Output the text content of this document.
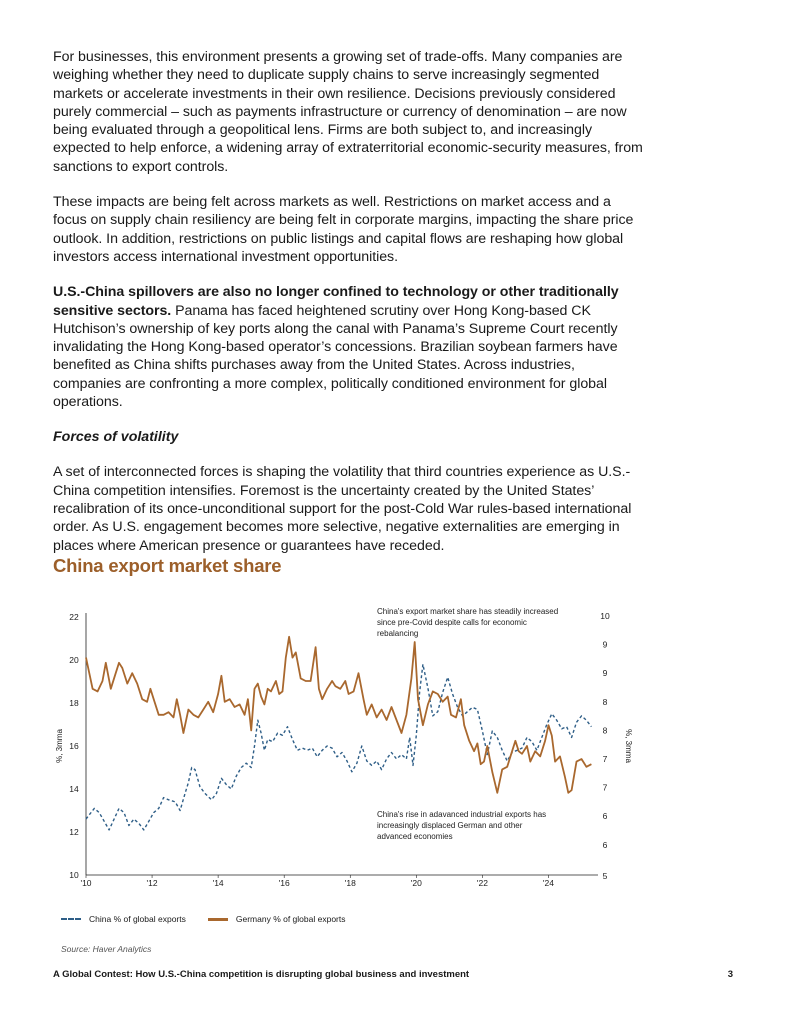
For businesses, this environment presents a growing set of trade-offs. Many companies are weighing whether they need to duplicate supply chains to serve increasingly segmented markets or accelerate investments in their own resilience. Decisions previously considered purely commercial – such as payments infrastructure or currency of denomination – are now being evaluated through a geopolitical lens. Firms are both subject to, and increasingly expected to help enforce, a widening array of extraterritorial economic-security measures, from sanctions to export controls.

These impacts are being felt across markets as well. Restrictions on market access and a focus on supply chain resiliency are being felt in corporate margins, impacting the share price outlook. In addition, restrictions on public listings and capital flows are reshaping how global investors access international investment opportunities.

U.S.-China spillovers are also no longer confined to technology or other traditionally sensitive sectors. Panama has faced heightened scrutiny over Hong Kong-based CK Hutchison’s ownership of key ports along the canal with Panama’s Supreme Court recently invalidating the Hong Kong-based operator’s concessions. Brazilian soybean farmers have benefited as China shifts purchases away from the United States. Across industries, companies are confronting a more complex, politically conditioned environment for global operations.

Forces of volatility

A set of interconnected forces is shaping the volatility that third countries experience as U.S.-China competition intensifies. Foremost is the uncertainty created by the United States’ recalibration of its once-unconditional support for the post-Cold War rules-based international order. As U.S. engagement becomes more selective, negative externalities are emerging in places where American presence or guarantees have receded.

China export market share
22
20
18
16
14
12
10
10
9
9
8
8
7
7
6
6
5
'10	'12	'14	'16	'18	'20	'22	'24
%, 3mma	%, 3mma
China's export market share has steadily increased since pre-Covid despite calls for economic rebalancing
China's rise in adavanced industrial exports has increasingly displaced German and other advanced economies
China % of global exports	Germany % of global exports
Source: Haver Analytics
A Global Contest: How U.S.-China competition is disrupting global business and investment	3
